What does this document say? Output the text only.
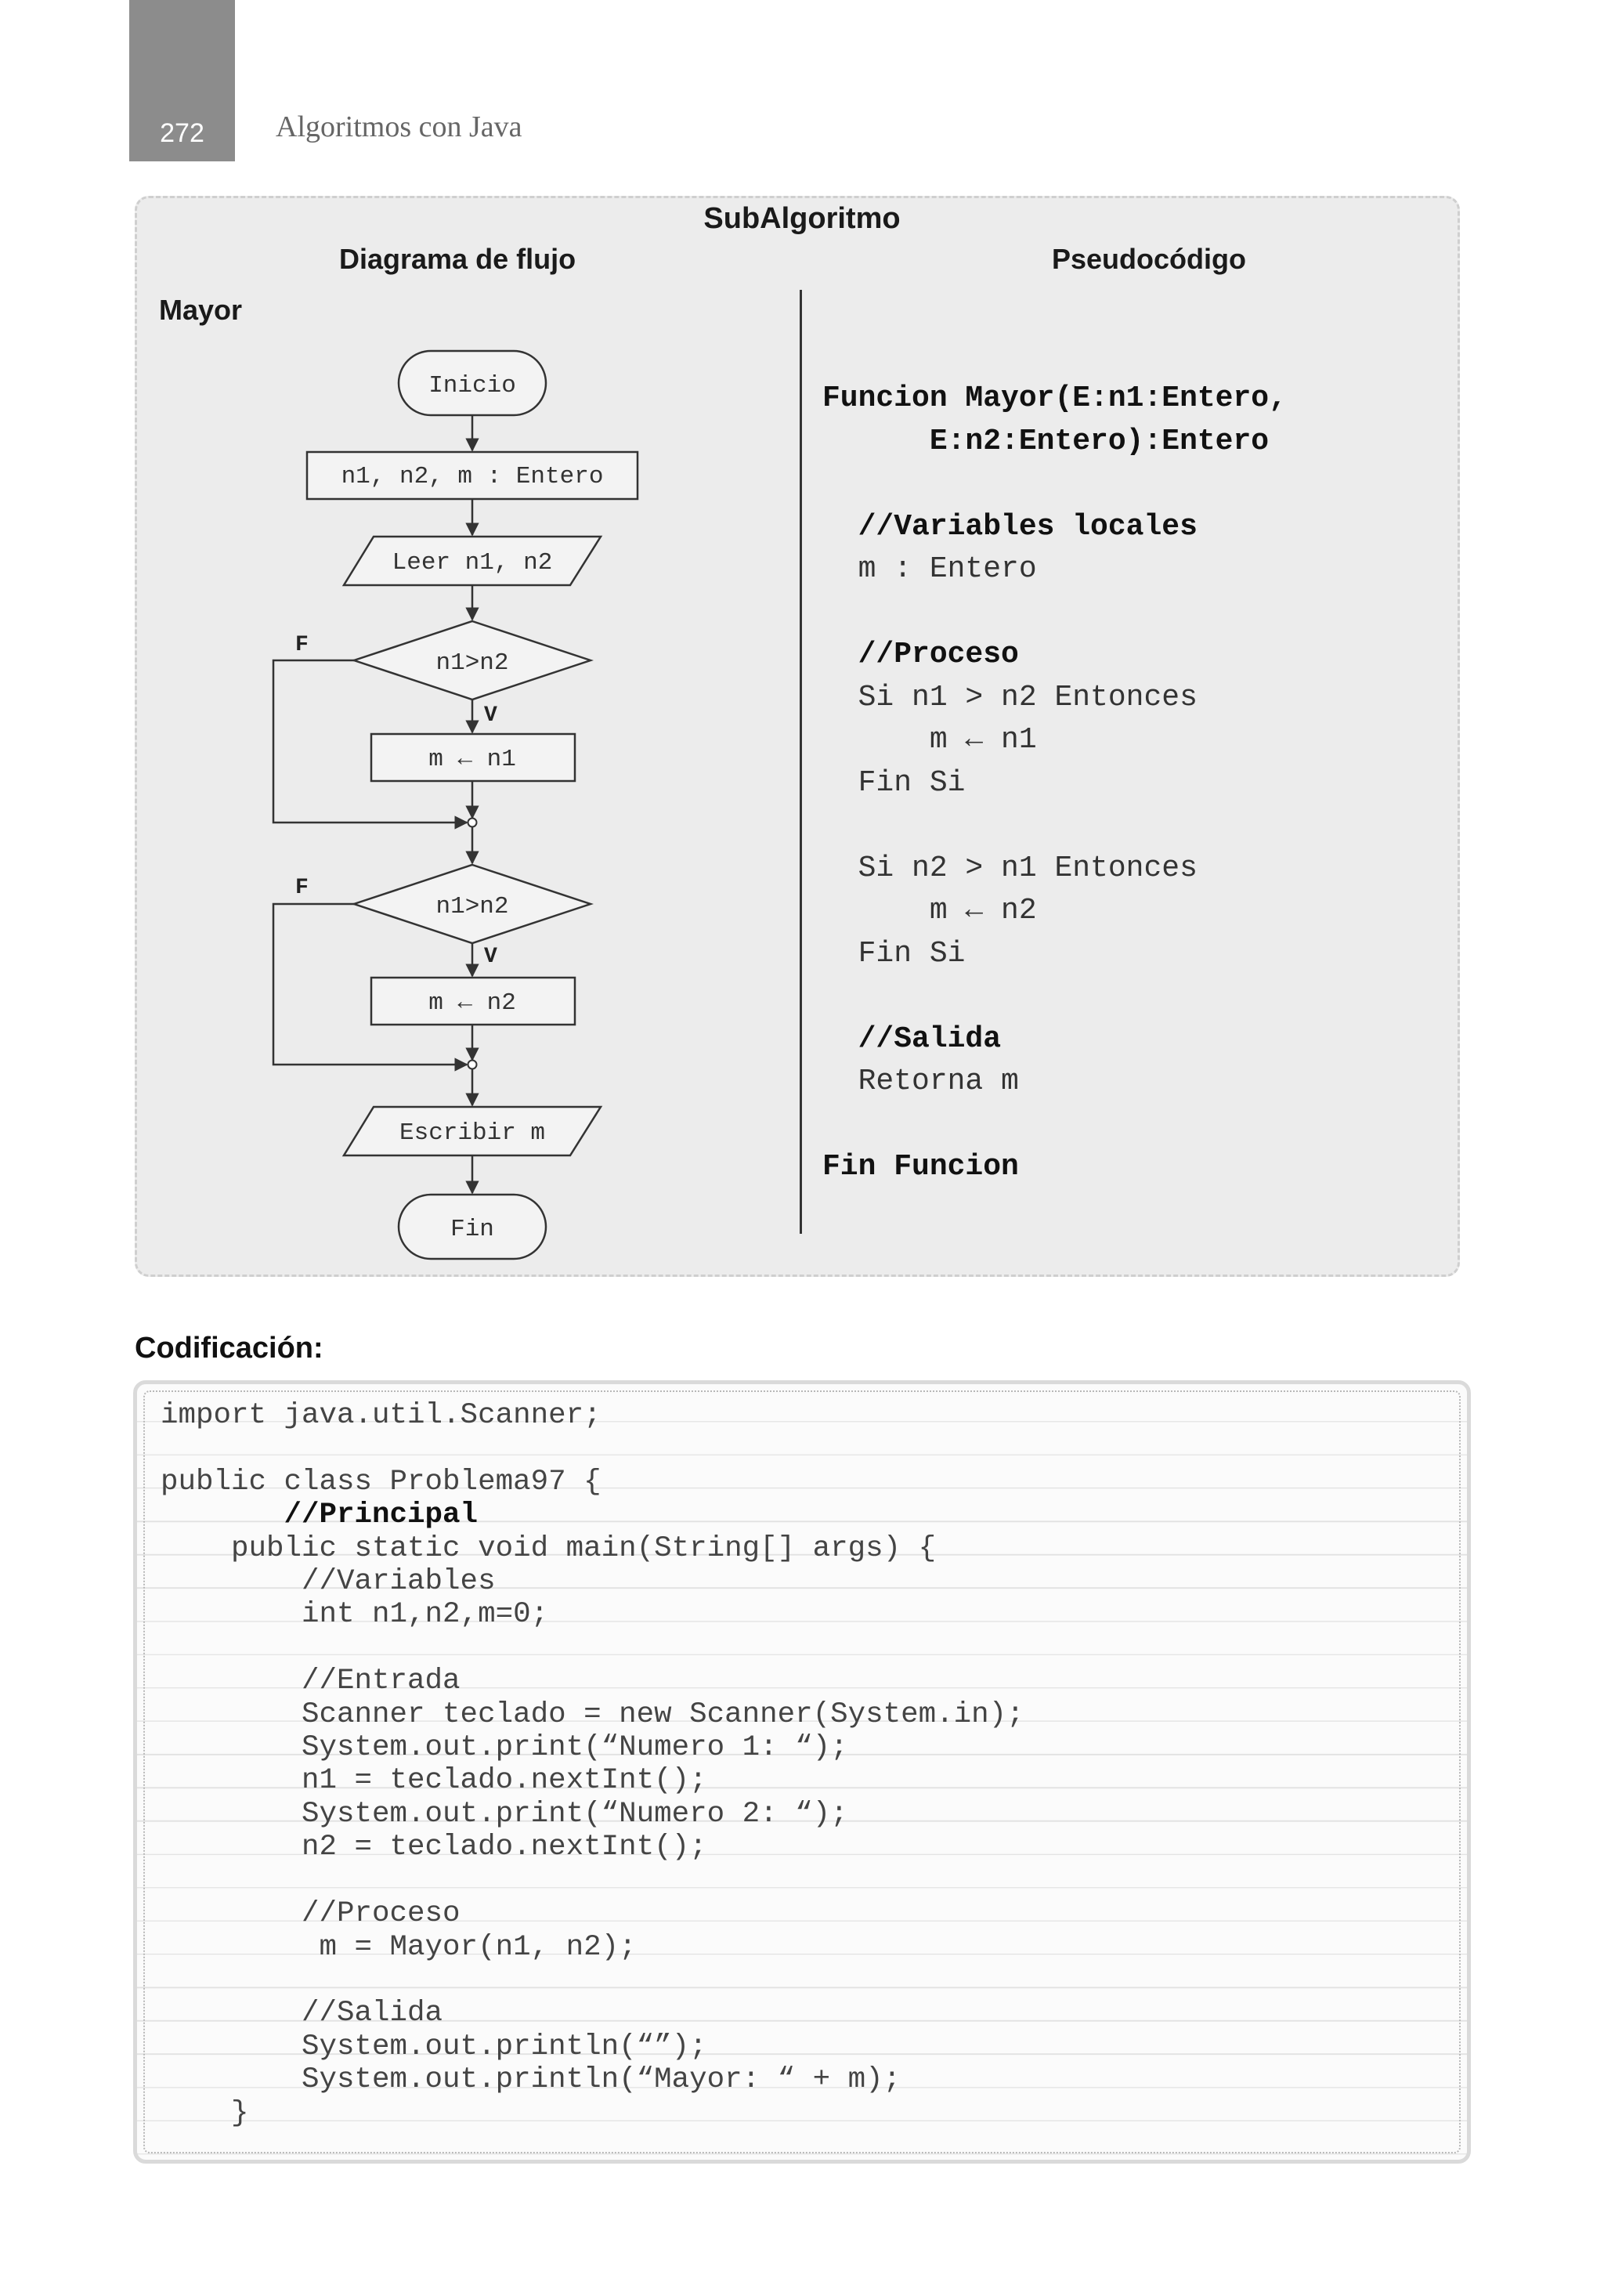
272	Algoritmos con Java
SubAlgoritmo
Diagrama de flujo	Pseudocódigo
Mayor
Inicio
n1, n2, m : Entero
Leer n1, n2
n1>n2
m ← n1
n1>n2
m ← n2
Escribir m
Fin
F
V
F
V
Funcion Mayor(E:n1:Entero,
E:n2:Entero):Entero

//Variables locales
m : Entero

//Proceso
Si n1 > n2 Entonces
m ← n1
Fin Si

Si n2 > n1 Entonces
m ← n2
Fin Si

//Salida
Retorna m

Fin Funcion
Codificación:
import java.util.Scanner;

public class Problema97 {
//Principal
public static void main(String[] args) {
//Variables
int n1,n2,m=0;

//Entrada
Scanner teclado = new Scanner(System.in);
System.out.print(“Numero 1: “);
n1 = teclado.nextInt();
System.out.print(“Numero 2: “);
n2 = teclado.nextInt();

//Proceso
m = Mayor(n1, n2);

//Salida
System.out.println(“”);
System.out.println(“Mayor: “ + m);
}
